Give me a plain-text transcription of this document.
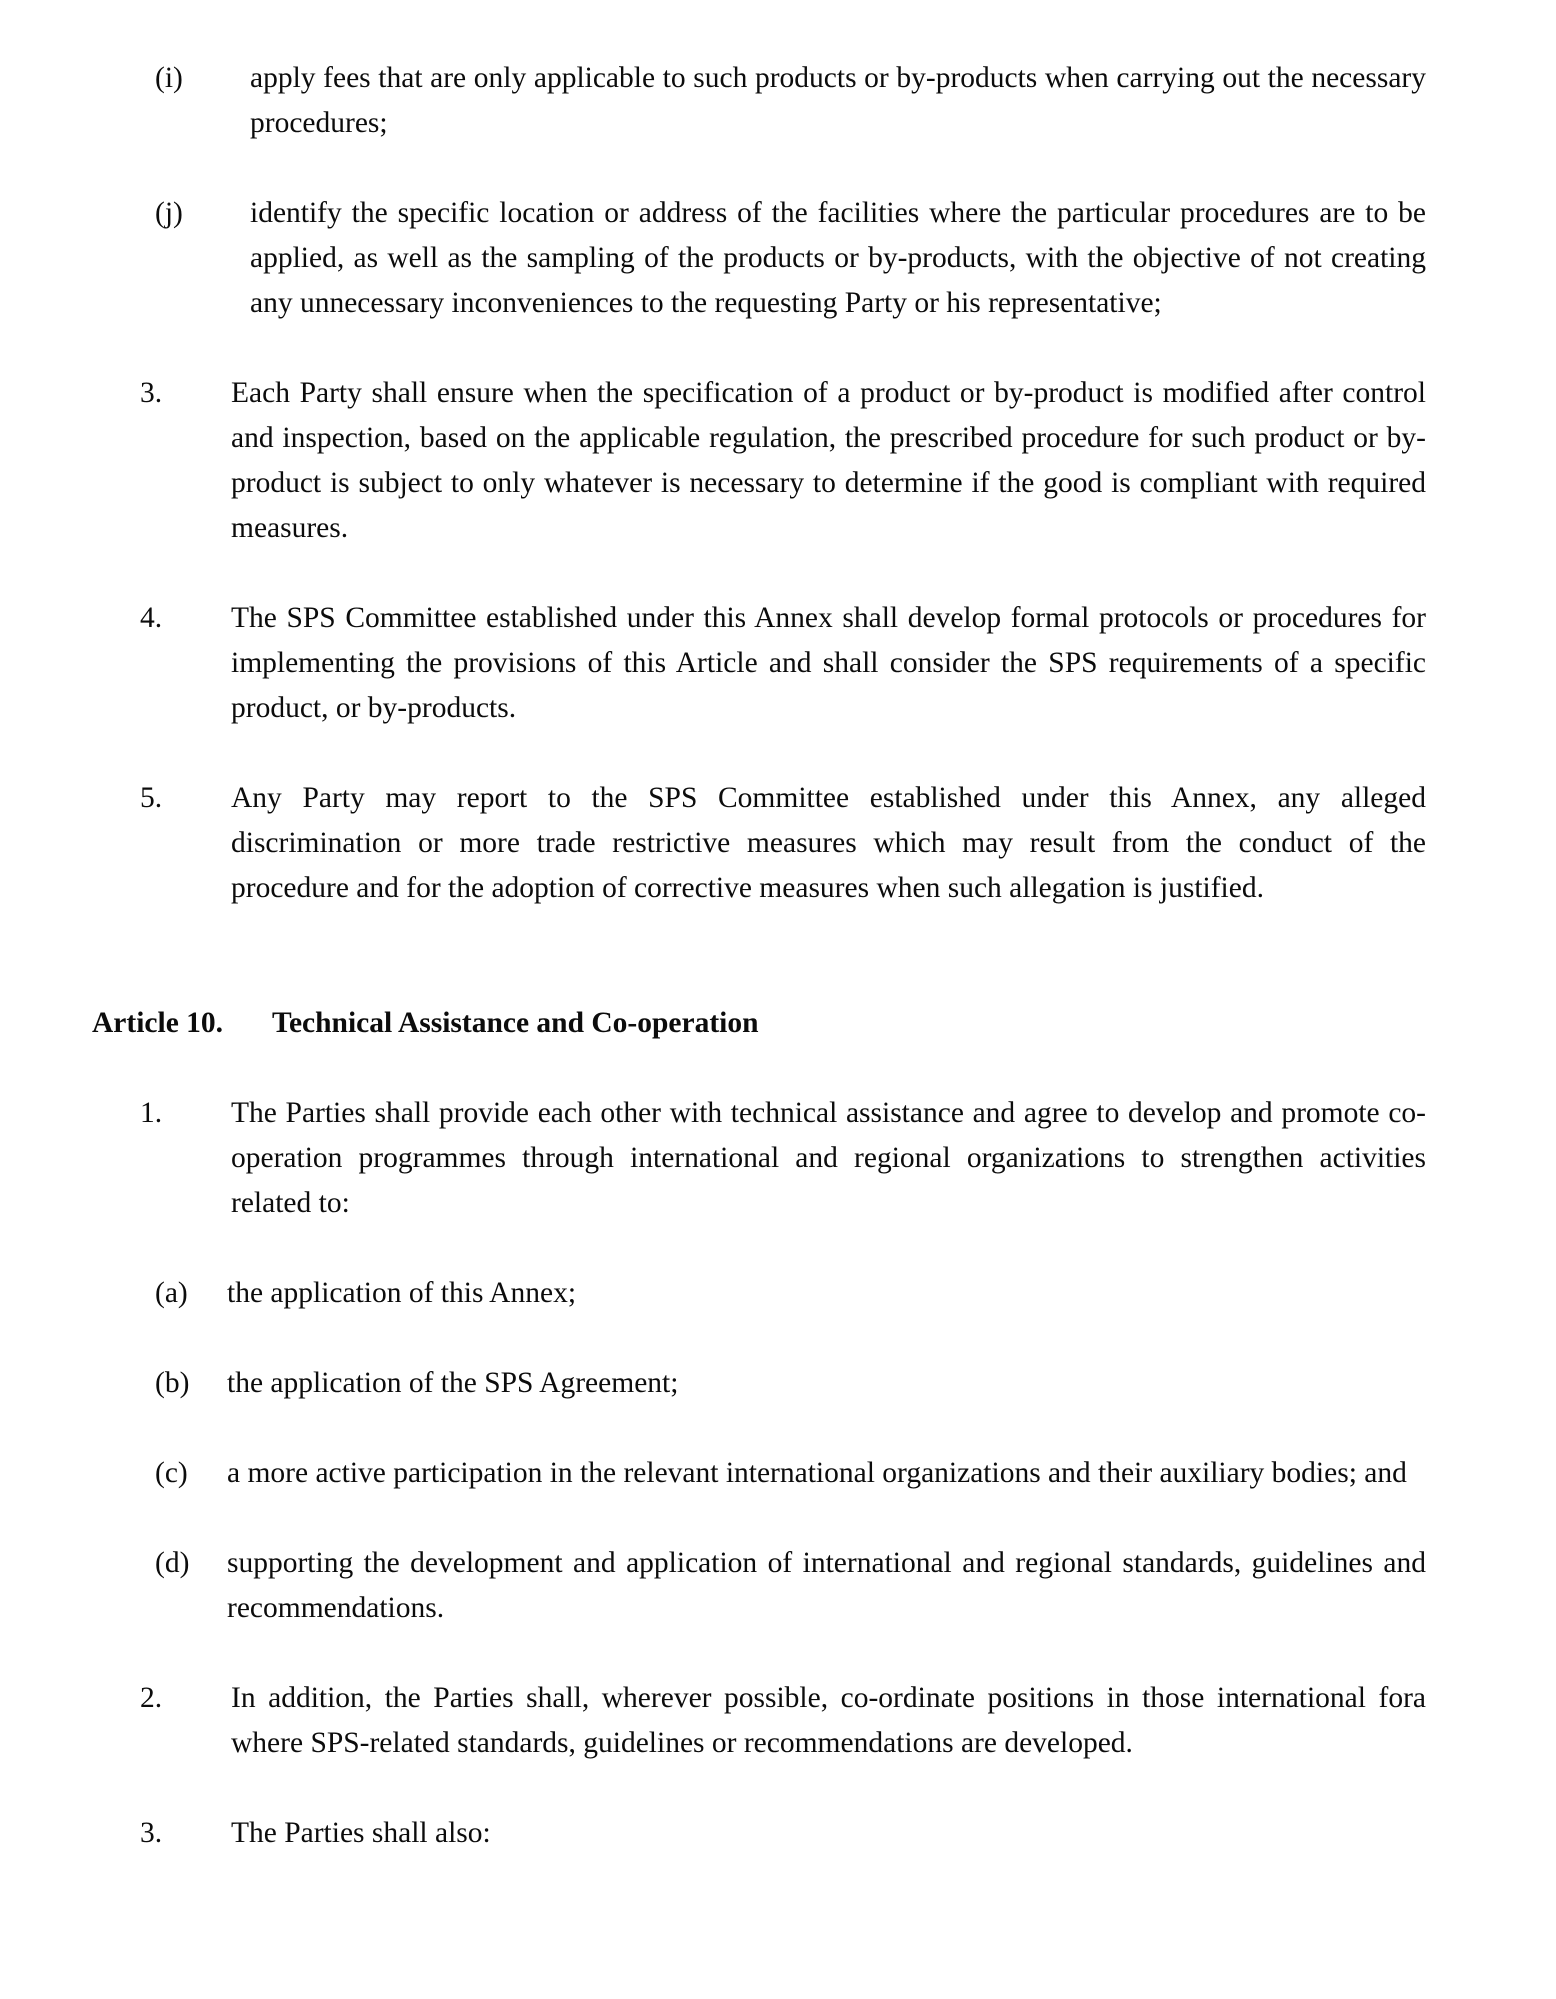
(i) apply fees that are only applicable to such products or by-products when carrying out the necessary procedures;
(j) identify the specific location or address of the facilities where the particular procedures are to be applied, as well as the sampling of the products or by-products, with the objective of not creating any unnecessary inconveniences to the requesting Party or his representative;
3. Each Party shall ensure when the specification of a product or by-product is modified after control and inspection, based on the applicable regulation, the prescribed procedure for such product or by-product is subject to only whatever is necessary to determine if the good is compliant with required measures.
4. The SPS Committee established under this Annex shall develop formal protocols or procedures for implementing the provisions of this Article and shall consider the SPS requirements of a specific product, or by-products.
5. Any Party may report to the SPS Committee established under this Annex, any alleged discrimination or more trade restrictive measures which may result from the conduct of the procedure and for the adoption of corrective measures when such allegation is justified.
Article 10. Technical Assistance and Co-operation
1. The Parties shall provide each other with technical assistance and agree to develop and promote co-operation programmes through international and regional organizations to strengthen activities related to:
(a) the application of this Annex;
(b) the application of the SPS Agreement;
(c) a more active participation in the relevant international organizations and their auxiliary bodies; and
(d) supporting the development and application of international and regional standards, guidelines and recommendations.
2. In addition, the Parties shall, wherever possible, co-ordinate positions in those international fora where SPS-related standards, guidelines or recommendations are developed.
3. The Parties shall also:
